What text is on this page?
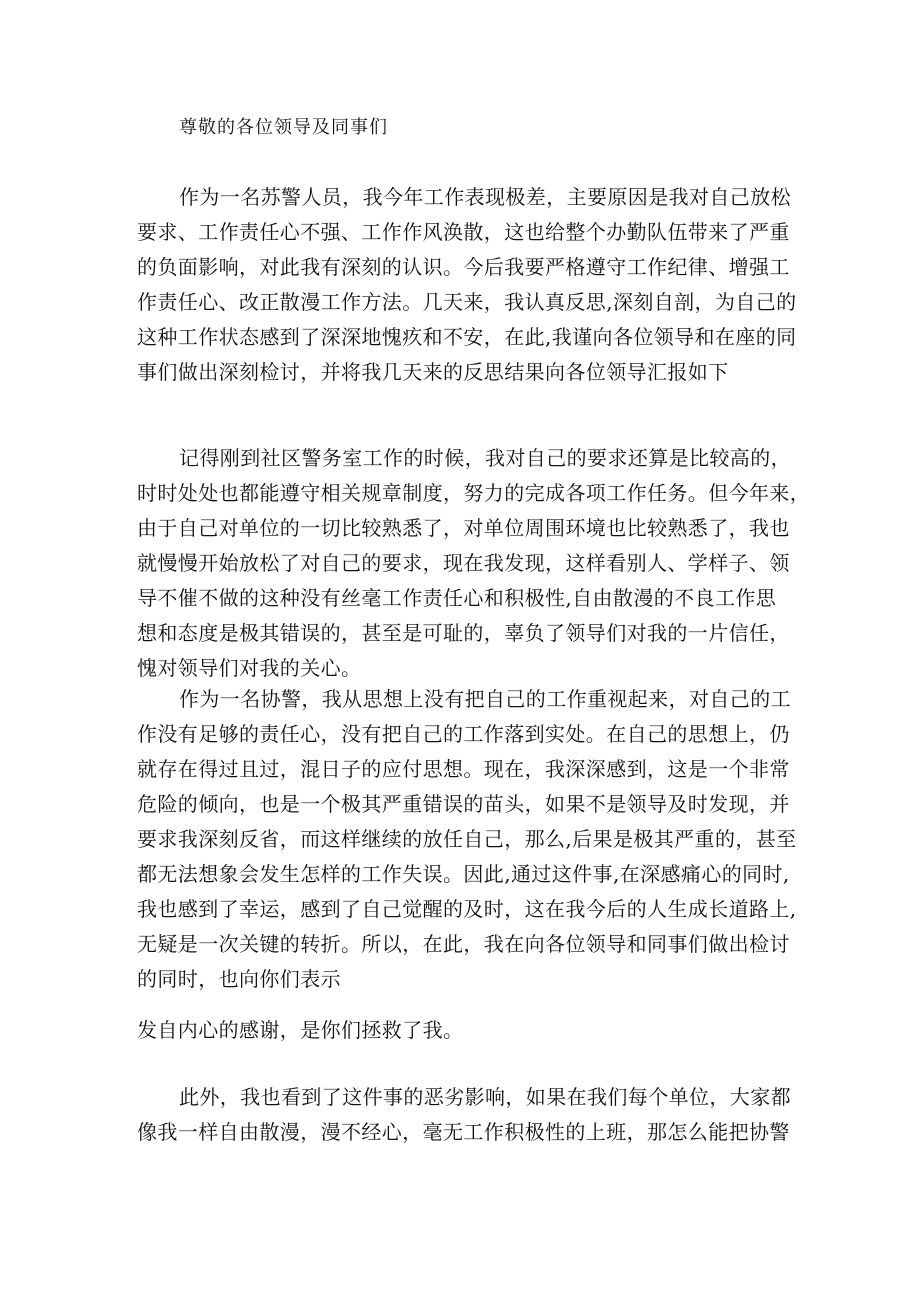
尊敬的各位领导及同事们
作为一名苏警人员，我今年工作表现极差，主要原因是我对自己放松
要求、工作责任心不强、工作作风涣散，这也给整个办勤队伍带来了严重
的负面影响，对此我有深刻的认识。今后我要严格遵守工作纪律、增强工
作责任心、改正散漫工作方法。几天来，我认真反思,深刻自剖，为自己的
这种工作状态感到了深深地愧疚和不安，在此,我谨向各位领导和在座的同
事们做出深刻检讨，并将我几天来的反思结果向各位领导汇报如下
记得刚到社区警务室工作的时候，我对自己的要求还算是比较高的，
时时处处也都能遵守相关规章制度，努力的完成各项工作任务。但今年来，
由于自己对单位的一切比较熟悉了，对单位周围环境也比较熟悉了，我也
就慢慢开始放松了对自己的要求，现在我发现，这样看别人、学样子、领
导不催不做的这种没有丝毫工作责任心和积极性,自由散漫的不良工作思
想和态度是极其错误的，甚至是可耻的，辜负了领导们对我的一片信任，
愧对领导们对我的关心。
作为一名协警，我从思想上没有把自己的工作重视起来，对自己的工
作没有足够的责任心，没有把自己的工作落到实处。在自己的思想上，仍
就存在得过且过，混日子的应付思想。现在，我深深感到，这是一个非常
危险的倾向，也是一个极其严重错误的苗头，如果不是领导及时发现，并
要求我深刻反省，而这样继续的放任自己，那么,后果是极其严重的，甚至
都无法想象会发生怎样的工作失误。因此,通过这件事,在深感痛心的同时,
我也感到了幸运，感到了自己觉醒的及时，这在我今后的人生成长道路上,
无疑是一次关键的转折。所以，在此，我在向各位领导和同事们做出检讨
的同时，也向你们表示
发自内心的感谢，是你们拯救了我。
此外，我也看到了这件事的恶劣影响，如果在我们每个单位，大家都
像我一样自由散漫，漫不经心，毫无工作积极性的上班，那怎么能把协警
